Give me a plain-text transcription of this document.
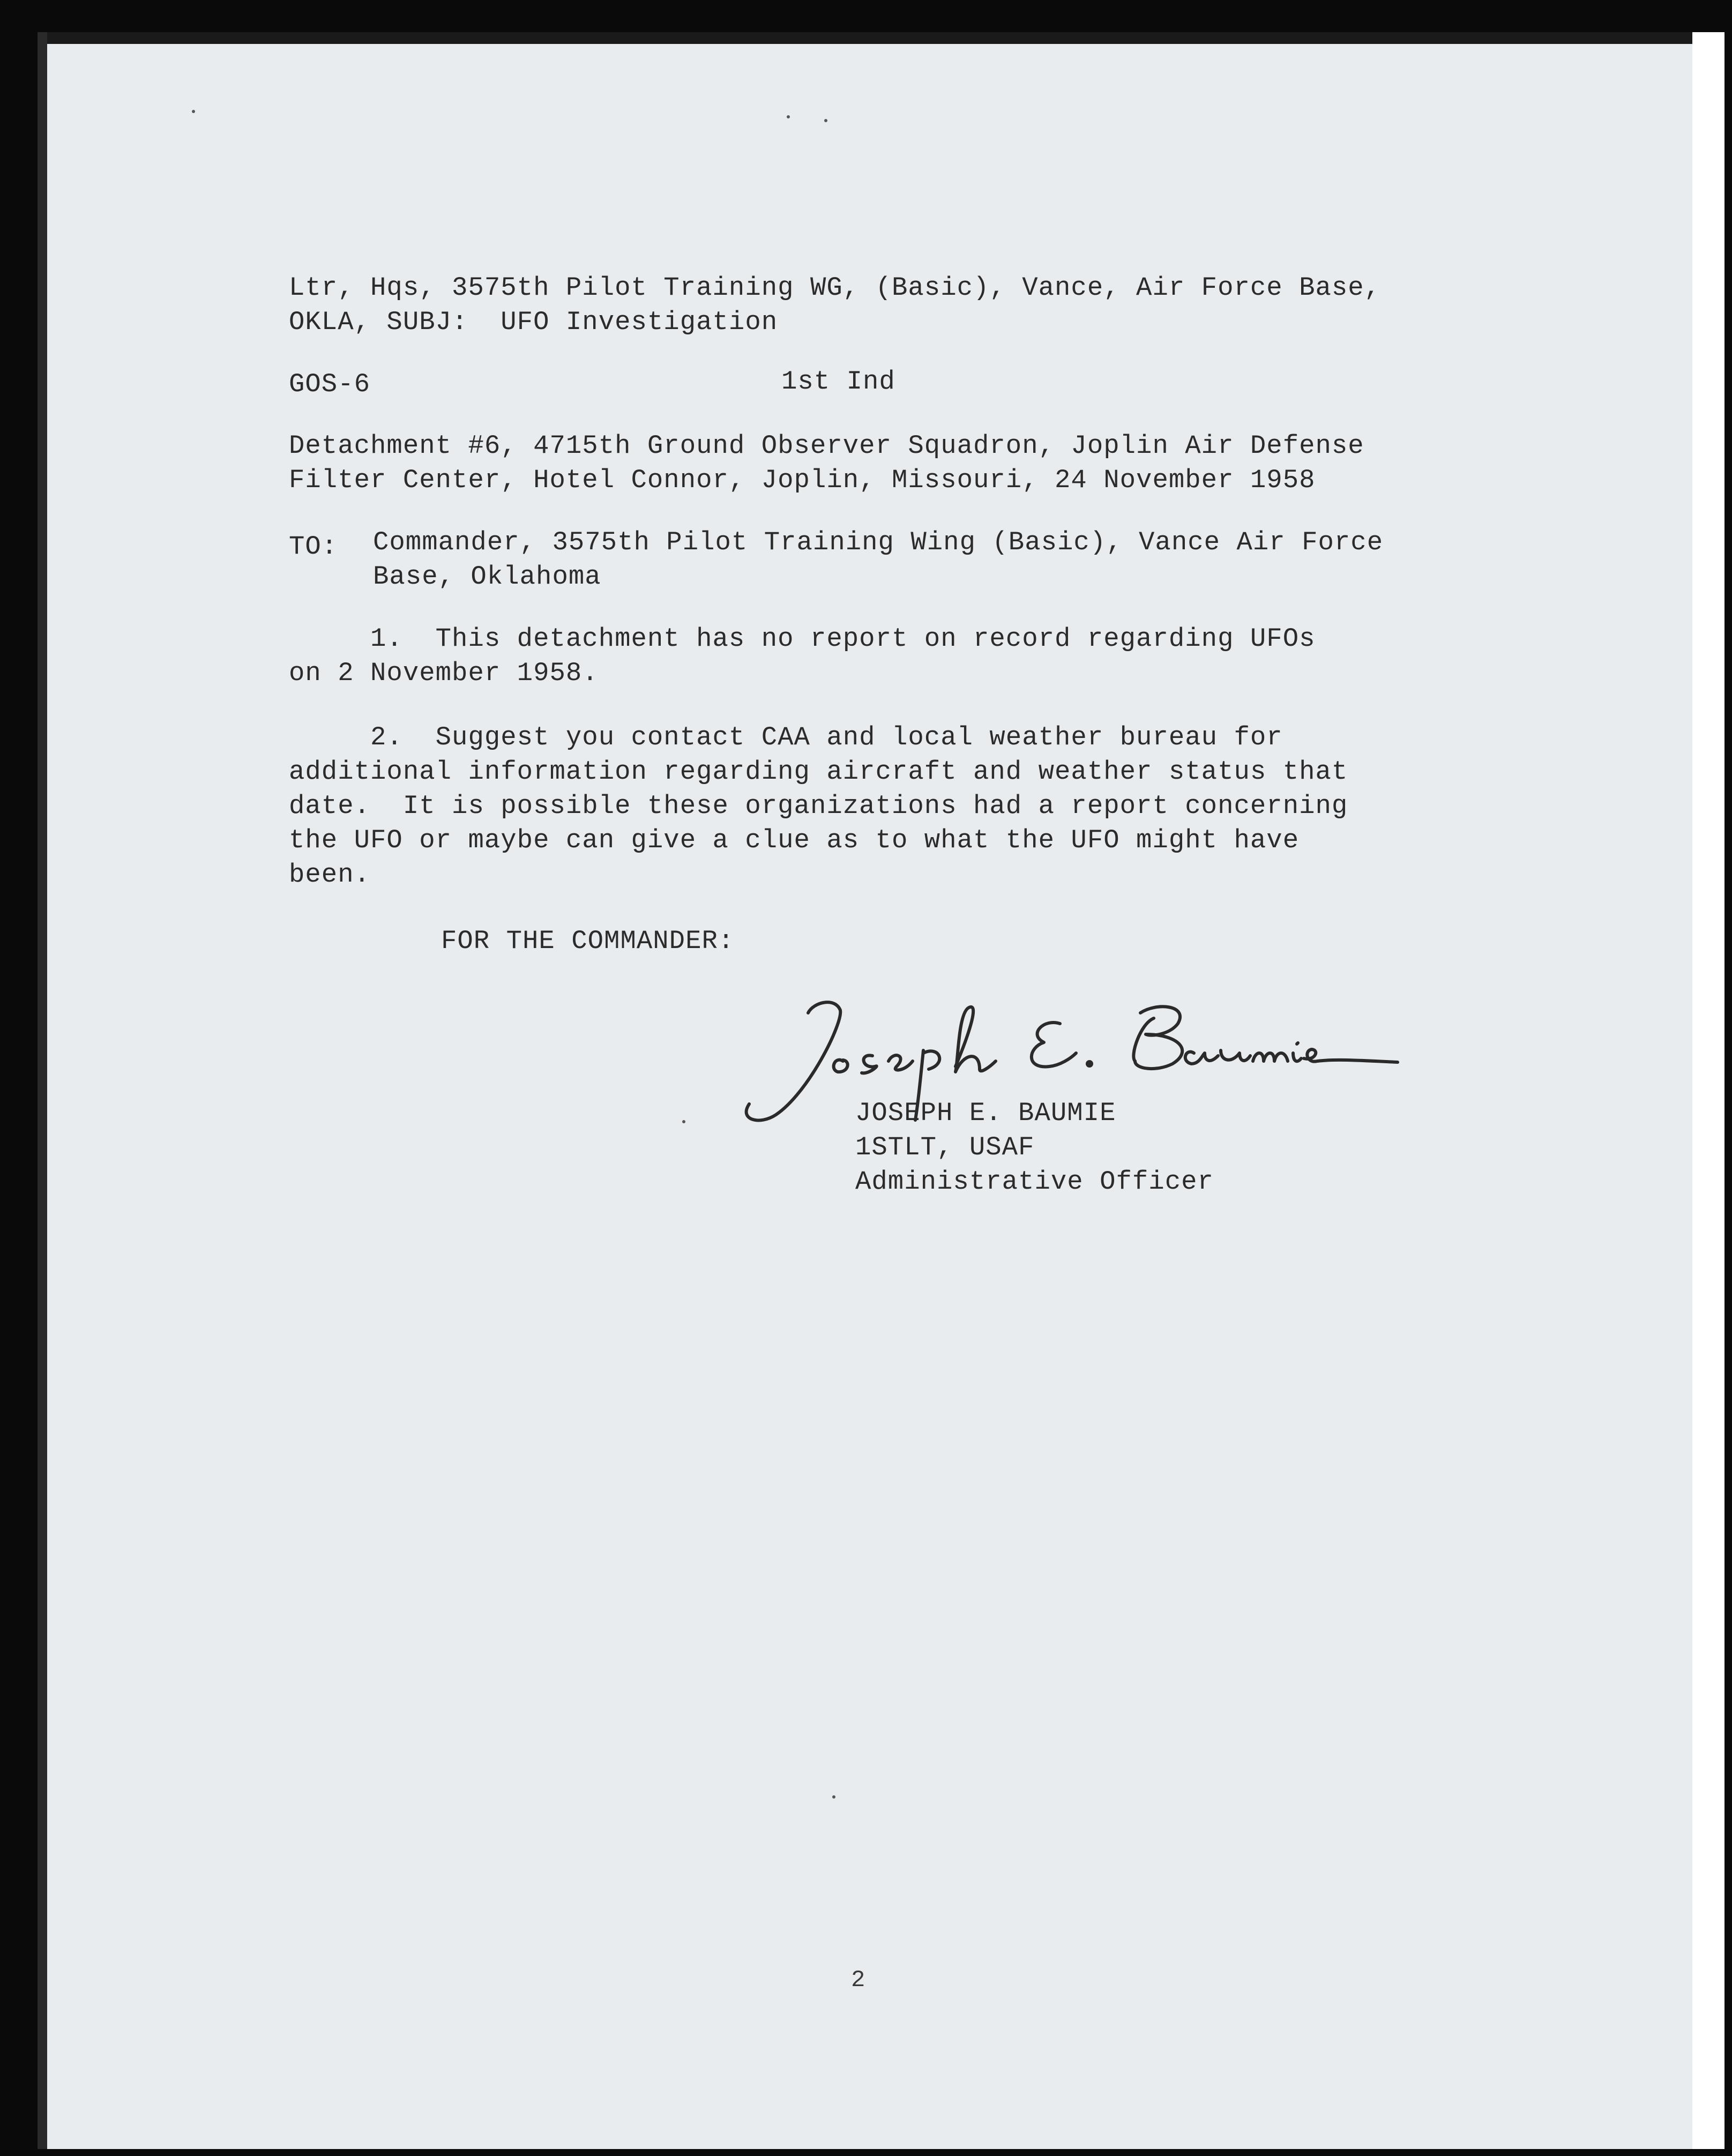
Ltr, Hqs, 3575th Pilot Training WG, (Basic), Vance, Air Force Base,
OKLA, SUBJ:  UFO Investigation
GOS-6	1st Ind
Detachment #6, 4715th Ground Observer Squadron, Joplin Air Defense
Filter Center, Hotel Connor, Joplin, Missouri, 24 November 1958
TO: Commander, 3575th Pilot Training Wing (Basic), Vance Air Force
Base, Oklahoma
1.  This detachment has no report on record regarding UFOs
on 2 November 1958.
2.  Suggest you contact CAA and local weather bureau for
additional information regarding aircraft and weather status that
date.  It is possible these organizations had a report concerning
the UFO or maybe can give a clue as to what the UFO might have
been.
FOR THE COMMANDER:
JOSEPH E. BAUMIE
1STLT, USAF
Administrative Officer
2
